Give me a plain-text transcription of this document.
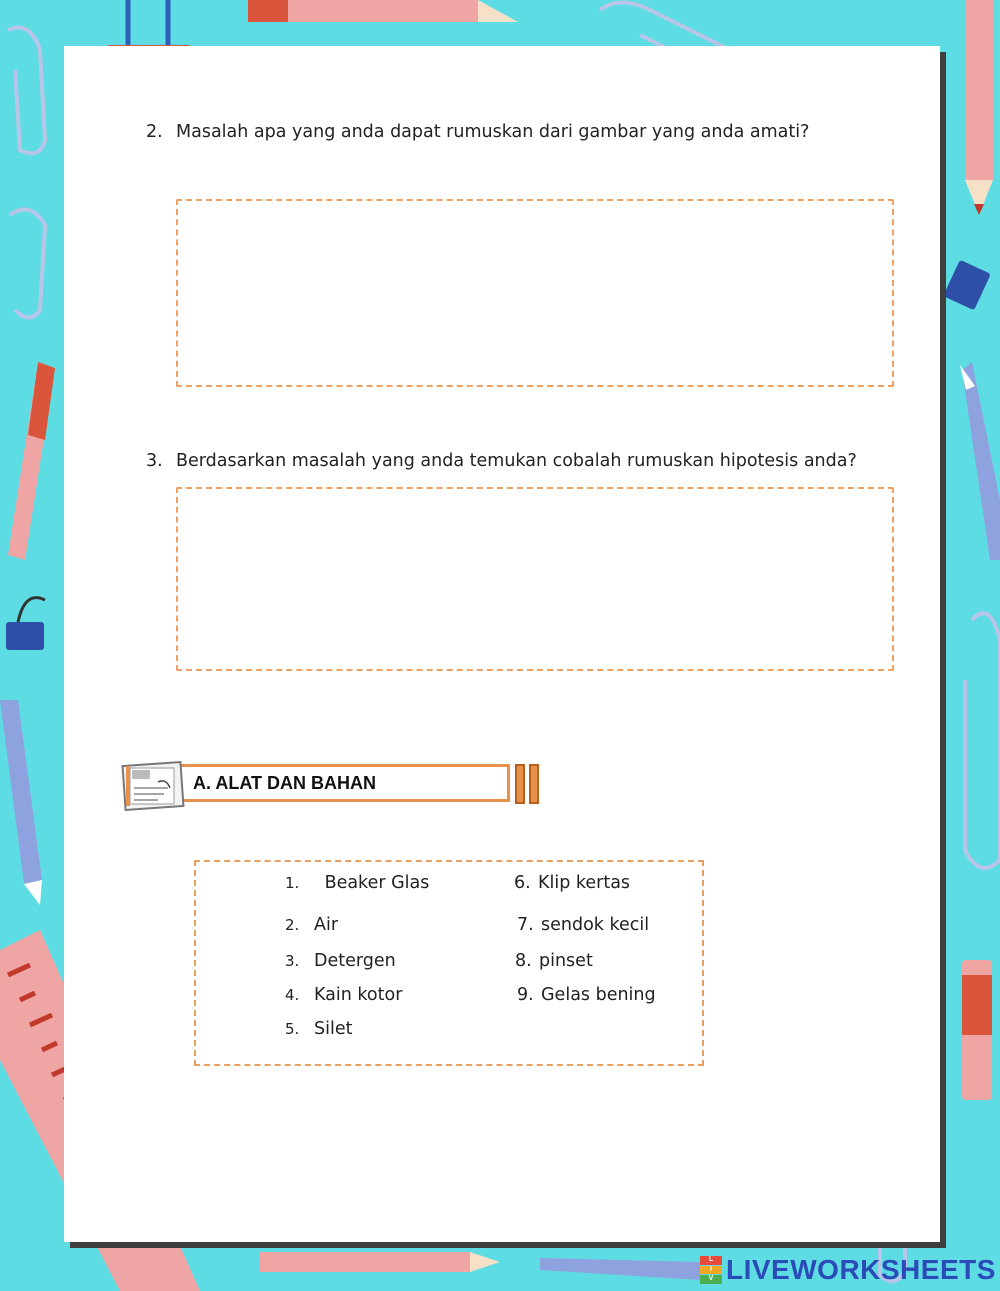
2. Masalah apa yang anda dapat rumuskan dari gambar yang anda amati?
3. Berdasarkan masalah yang anda temukan cobalah rumuskan hipotesis anda?
A. ALAT DAN BAHAN
1. Beaker Glas
2. Air
3. Detergen
4. Kain kotor
5. Silet
6. Klip kertas
7. sendok kecil
8. pinset
9. Gelas bening
L
I
V LIVEWORKSHEETS
